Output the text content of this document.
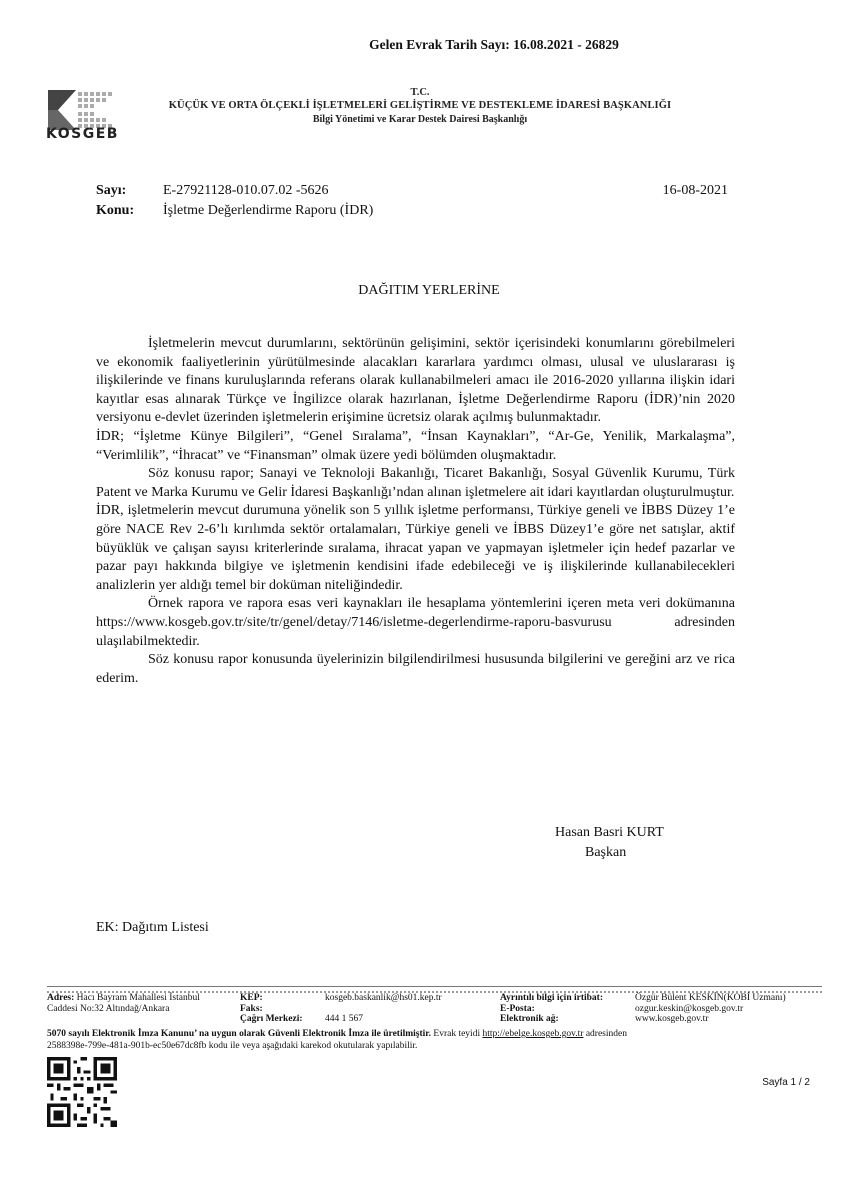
Gelen Evrak Tarih Sayı: 16.08.2021 - 26829
KOSGEB
T.C.
KÜÇÜK VE ORTA ÖLÇEKLİ İŞLETMELERİ GELİŞTİRME VE DESTEKLEME İDARESİ BAŞKANLIĞI
Bilgi Yönetimi ve Karar Destek Dairesi Başkanlığı
Sayı:	E-27921128-010.07.02 -5626	16-08-2021
Konu: İşletme Değerlendirme Raporu (İDR)
DAĞITIM YERLERİNE

İşletmelerin mevcut durumlarını, sektörünün gelişimini, sektör içerisindeki konumlarını görebilmeleri ve ekonomik faaliyetlerinin yürütülmesinde alacakları kararlara yardımcı olması, ulusal ve uluslararası iş ilişkilerinde ve finans kuruluşlarında referans olarak kullanabilmeleri amacı ile 2016-2020 yıllarına ilişkin idari kayıtlar esas alınarak Türkçe ve İngilizce olarak hazırlanan, İşletme Değerlendirme Raporu (İDR)’nin 2020 versiyonu e-devlet üzerinden işletmelerin erişimine ücretsiz olarak açılmış bulunmaktadır.

İDR; “İşletme Künye Bilgileri”, “Genel Sıralama”, “İnsan Kaynakları”, “Ar-Ge, Yenilik, Markalaşma”, “Verimlilik”, “İhracat” ve “Finansman” olmak üzere yedi bölümden oluşmaktadır.

Söz konusu rapor; Sanayi ve Teknoloji Bakanlığı, Ticaret Bakanlığı, Sosyal Güvenlik Kurumu, Türk Patent ve Marka Kurumu ve Gelir İdaresi Başkanlığı’ndan alınan işletmelere ait idari kayıtlardan oluşturulmuştur.

İDR, işletmelerin mevcut durumuna yönelik son 5 yıllık işletme performansı, Türkiye geneli ve İBBS Düzey 1’e göre NACE Rev 2-6’lı kırılımda sektör ortalamaları, Türkiye geneli ve İBBS Düzey1’e göre net satışlar, aktif büyüklük ve çalışan sayısı kriterlerinde sıralama, ihracat yapan ve yapmayan işletmeler için hedef pazarlar ve pazar payı hakkında bilgiye ve işletmenin kendisini ifade edebileceği ve iş ilişkilerinde kullanabilecekleri analizlerin yer aldığı temel bir doküman niteliğindedir.

Örnek rapora ve rapora esas veri kaynakları ile hesaplama yöntemlerini içeren meta veri dokümanına https://www.kosgeb.gov.tr/site/tr/genel/detay/7146/isletme-degerlendirme-raporu-basvurusu adresinden ulaşılabilmektedir.

Söz konusu rapor konusunda üyelerinizin bilgilendirilmesi hususunda bilgilerini ve gereğini arz ve rica ederim.

Hasan Basri KURT
Başkan
EK: Dağıtım Listesi
Adres: Hacı Bayram Mahallesi İstanbul
Caddesi No:32 Altındağ/Ankara
KEP:
Faks:
Çağrı Merkezi:
kosgeb.baskanlik@hs01.kep.tr
444 1 567
Ayrıntılı bilgi için irtibat:
E-Posta:
Elektronik ağ:
Özgür Bülent KESKİN(KOBİ Uzmanı)
ozgur.keskin@kosgeb.gov.tr
www.kosgeb.gov.tr
5070 sayılı Elektronik İmza Kanunu’ na uygun olarak Güvenli Elektronik İmza ile üretilmiştir. Evrak teyidi http://ebelge.kosgeb.gov.tr adresinden
2588398e-799e-481a-901b-ec50e67dc8fb kodu ile veya aşağıdaki karekod okutularak yapılabilir.
Sayfa 1 / 2
